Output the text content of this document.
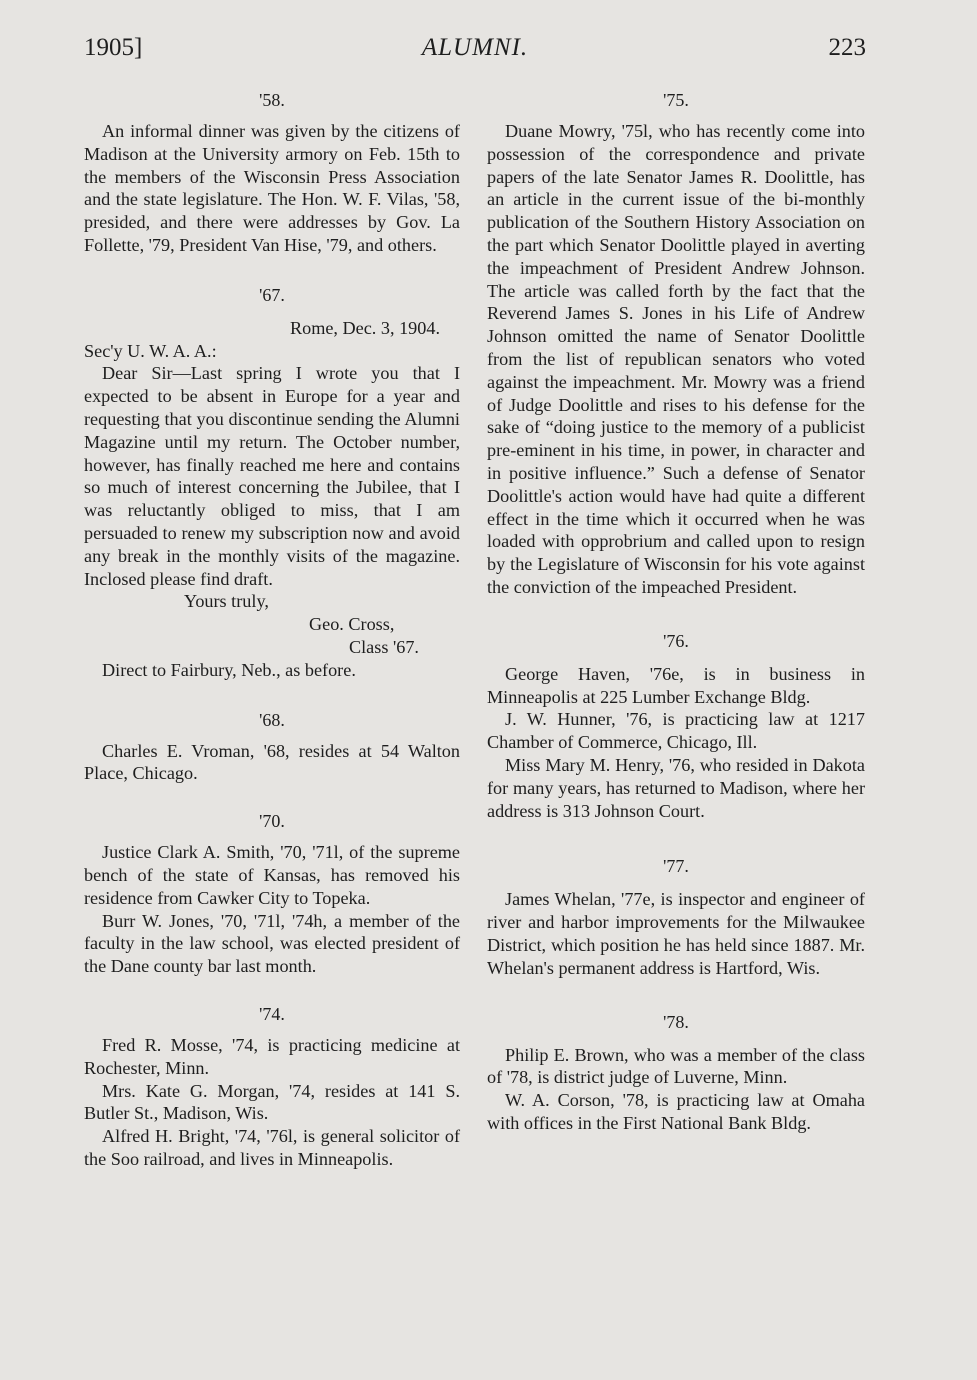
1905]	ALUMNI.	223
'58.

An informal dinner was given by the citizens of Madison at the University armory on Feb. 15th to the members of the Wisconsin Press Association and the state legislature. The Hon. W. F. Vilas, '58, presided, and there were addresses by Gov. La Follette, '79, President Van Hise, '79, and others.

'67.

Rome, Dec. 3, 1904.

Sec'y U. W. A. A.:

Dear Sir—Last spring I wrote you that I expected to be absent in Europe for a year and requesting that you discontinue sending the Alumni Magazine until my return. The October number, however, has finally reached me here and contains so much of interest concerning the Jubilee, that I was reluctantly obliged to miss, that I am persuaded to renew my subscription now and avoid any break in the monthly visits of the magazine. Inclosed please find draft.

Yours truly,

Geo. Cross,

Class '67.

Direct to Fairbury, Neb., as before.

'68.

Charles E. Vroman, '68, resides at 54 Walton Place, Chicago.

'70.

Justice Clark A. Smith, '70, '71l, of the supreme bench of the state of Kansas, has removed his residence from Cawker City to Topeka.

Burr W. Jones, '70, '71l, '74h, a member of the faculty in the law school, was elected president of the Dane county bar last month.

'74.

Fred R. Mosse, '74, is practicing medicine at Rochester, Minn.

Mrs. Kate G. Morgan, '74, resides at 141 S. Butler St., Madison, Wis.

Alfred H. Bright, '74, '76l, is general solicitor of the Soo railroad, and lives in Minneapolis.

'75.

Duane Mowry, '75l, who has recently come into possession of the correspondence and private papers of the late Senator James R. Doolittle, has an article in the current issue of the bi-monthly publication of the Southern History Association on the part which Senator Doolittle played in averting the impeachment of President Andrew Johnson. The article was called forth by the fact that the Reverend James S. Jones in his Life of Andrew Johnson omitted the name of Senator Doolittle from the list of republican senators who voted against the impeachment. Mr. Mowry was a friend of Judge Doolittle and rises to his defense for the sake of “doing justice to the memory of a publicist pre-eminent in his time, in power, in character and in positive influence.” Such a defense of Senator Doolittle's action would have had quite a different effect in the time which it occurred when he was loaded with opprobrium and called upon to resign by the Legislature of Wisconsin for his vote against the conviction of the impeached President.

'76.

George Haven, '76e, is in business in Minneapolis at 225 Lumber Exchange Bldg.

J. W. Hunner, '76, is practicing law at 1217 Chamber of Commerce, Chicago, Ill.

Miss Mary M. Henry, '76, who resided in Dakota for many years, has returned to Madison, where her address is 313 Johnson Court.

'77.

James Whelan, '77e, is inspector and engineer of river and harbor improvements for the Milwaukee District, which position he has held since 1887. Mr. Whelan's permanent address is Hartford, Wis.

'78.

Philip E. Brown, who was a member of the class of '78, is district judge of Luverne, Minn.

W. A. Corson, '78, is practicing law at Omaha with offices in the First National Bank Bldg.
